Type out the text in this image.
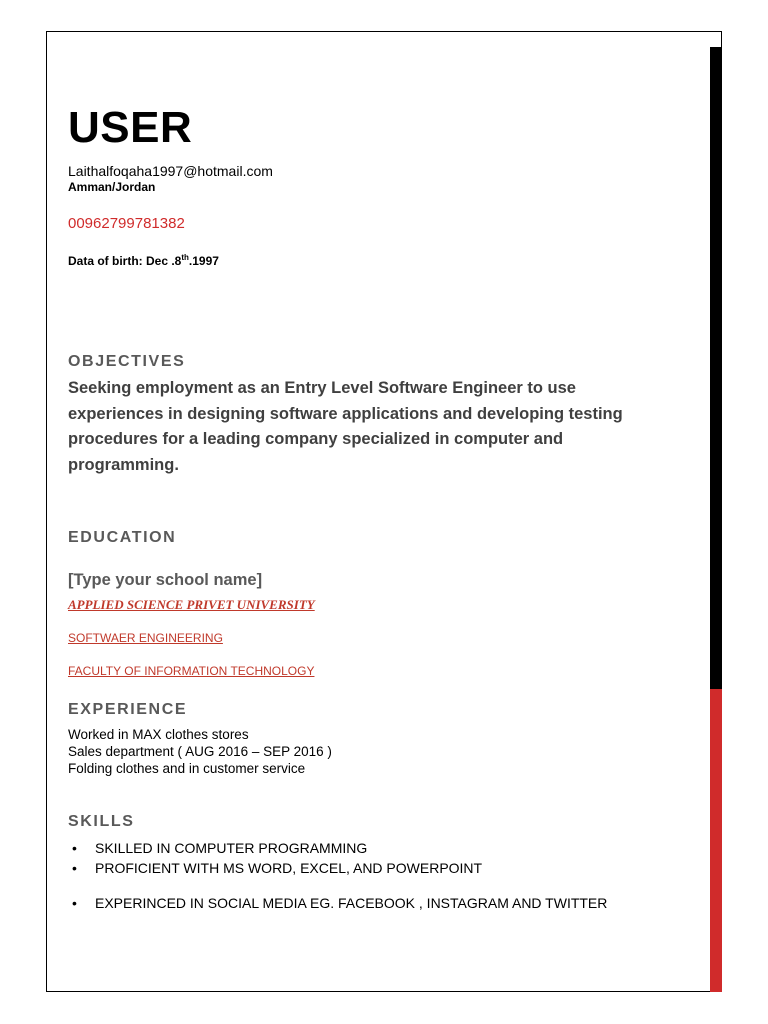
USER
Laithalfoqaha1997@hotmail.com
Amman/Jordan
00962799781382
Data of birth: Dec .8th.1997
OBJECTIVES
Seeking employment as an Entry Level Software Engineer to use experiences in designing software applications and developing testing procedures for a leading company specialized in computer and programming.
EDUCATION
[Type your school name]
APPLIED SCIENCE PRIVET UNIVERSITY
SOFTWAER ENGINEERING
FACULTY OF INFORMATION TECHNOLOGY
EXPERIENCE
Worked in MAX clothes stores
Sales department ( AUG 2016 – SEP 2016 )
Folding clothes and in customer service
SKILLS
• SKILLED IN COMPUTER PROGRAMMING
• PROFICIENT WITH MS WORD, EXCEL, AND POWERPOINT
• EXPERINCED IN SOCIAL MEDIA EG. FACEBOOK , INSTAGRAM AND TWITTER
